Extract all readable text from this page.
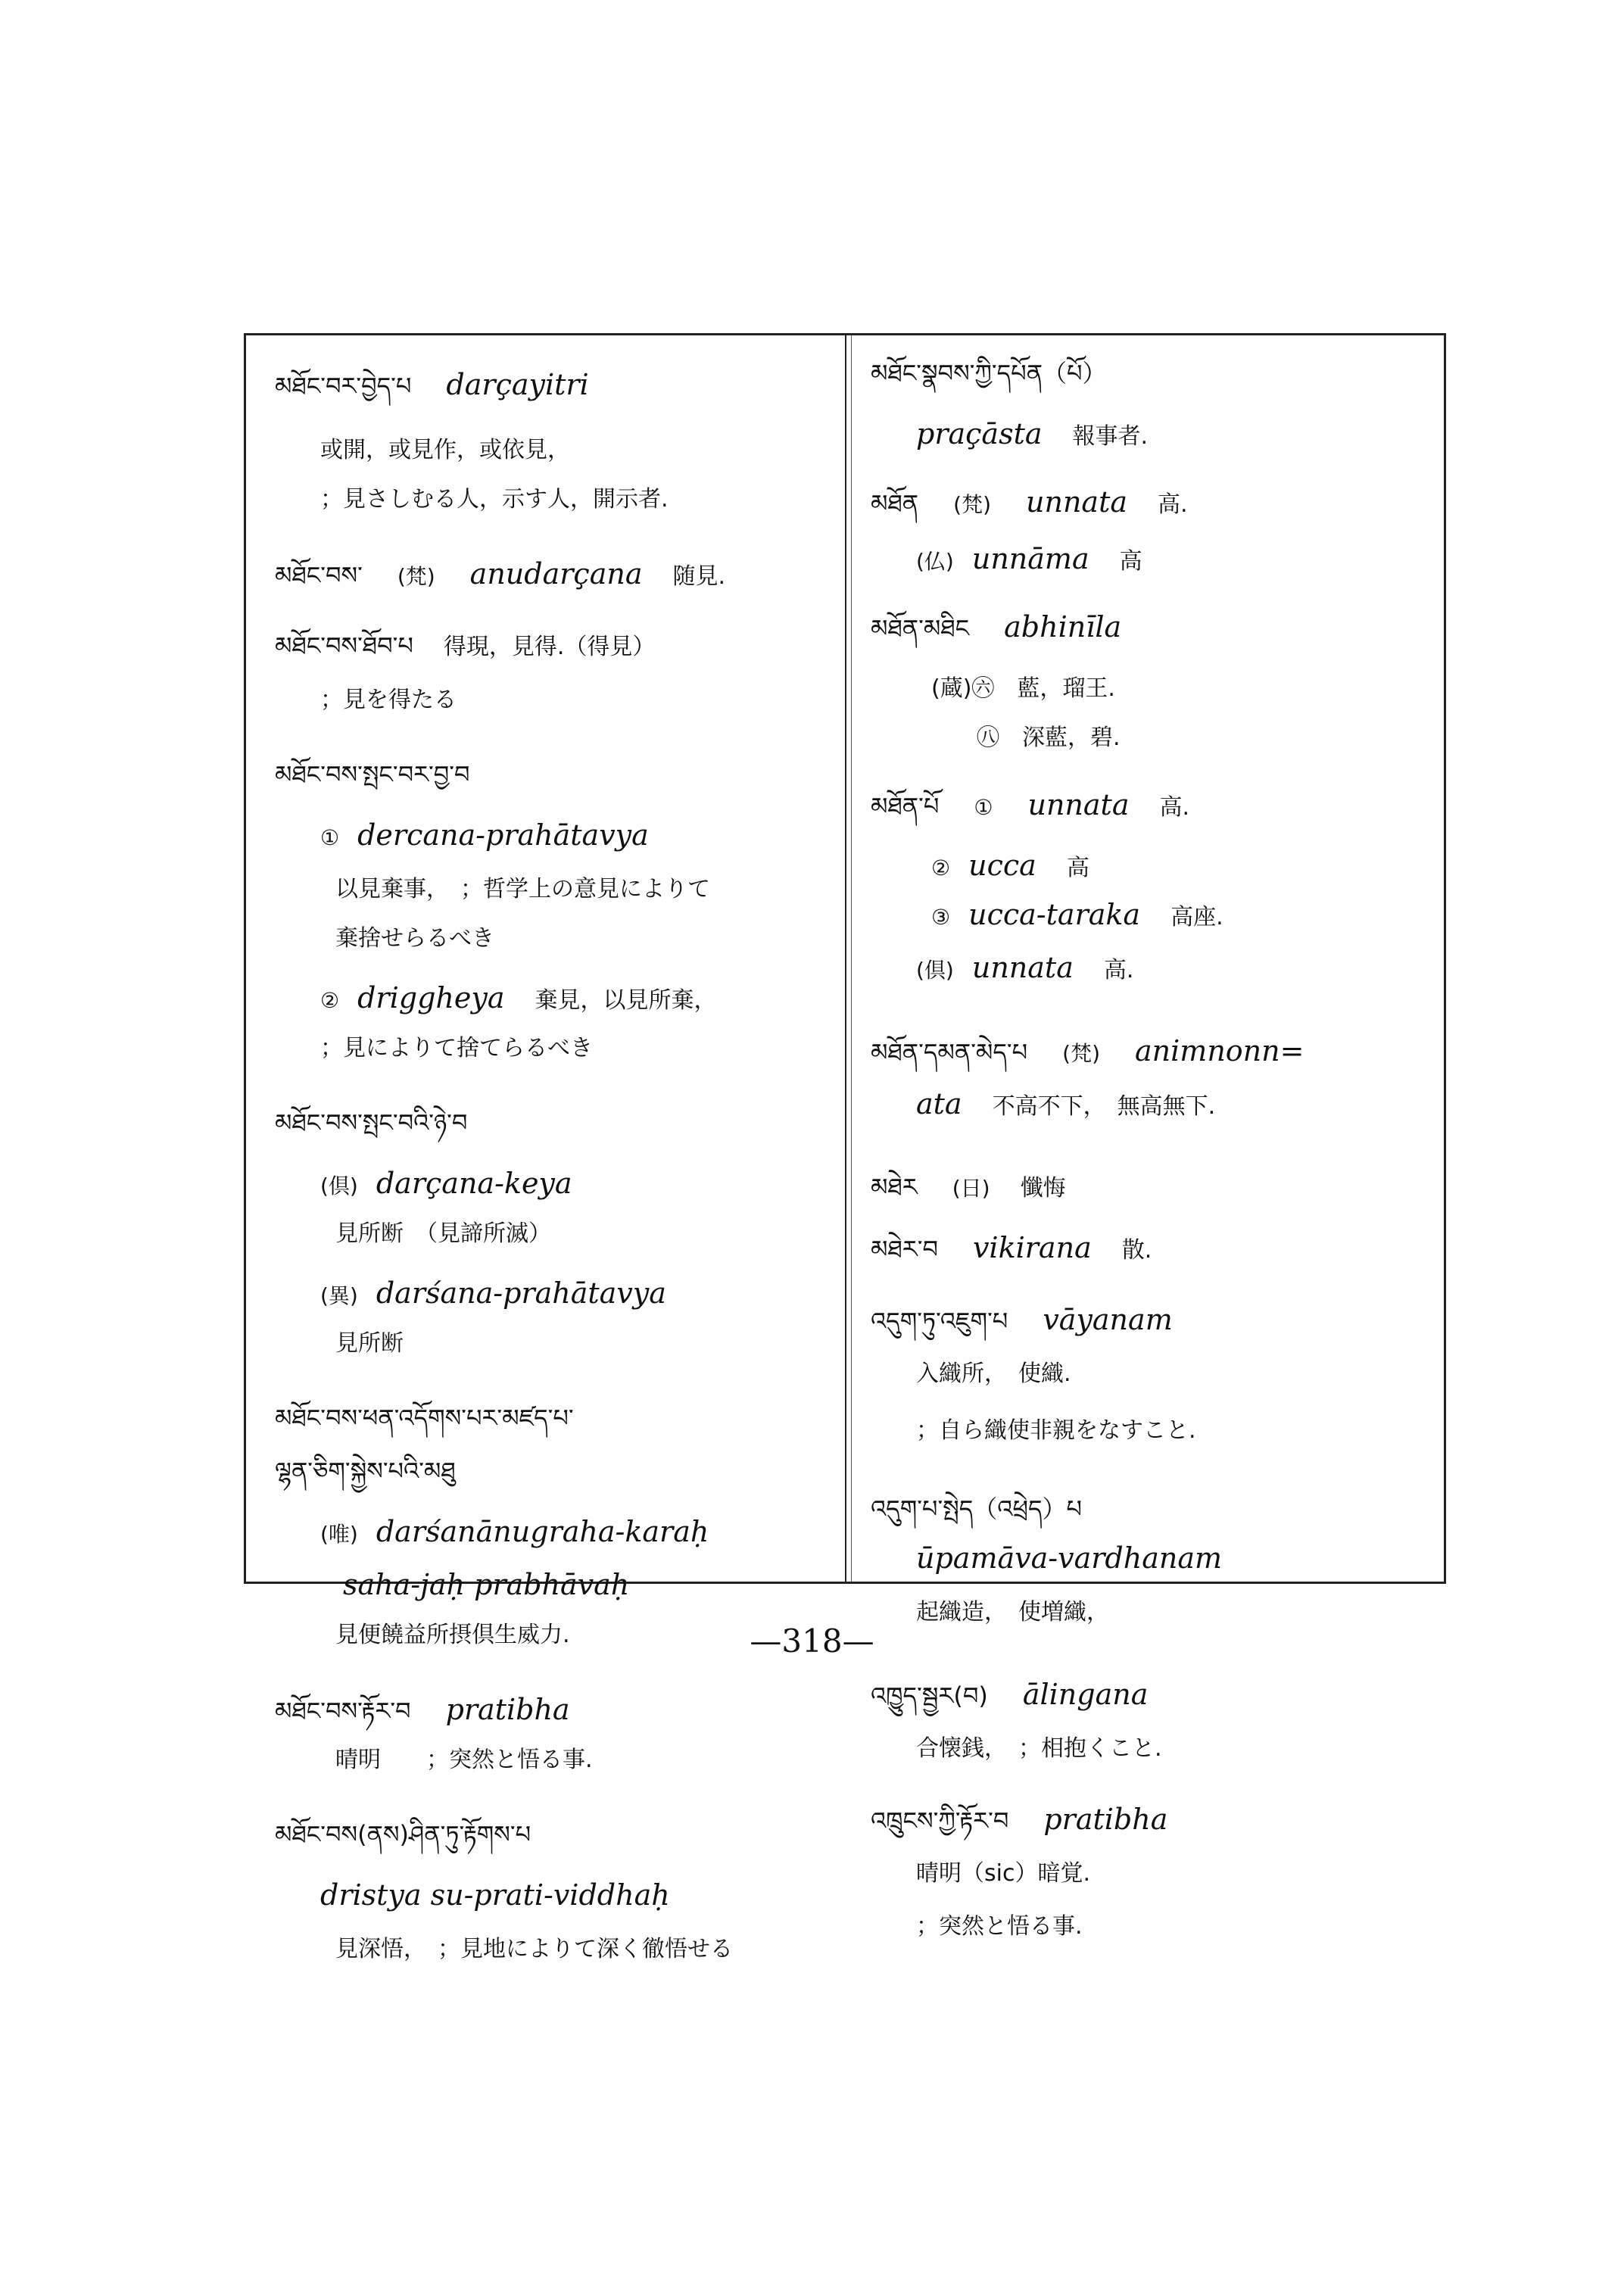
མཐོང་བར་བྱེད་པ darçayitri
或開，或見作，或依見，
；見さしむる人，示す人，開示者.
མཐོང་བས་ (梵) anudarçana 随見.
མཐོང་བས་ཐོབ་པ 得現，見得.（得見）
；見を得たる
མཐོང་བས་སྤང་བར་བྱ་བ
① dercana-prahātavya
以見棄事，　；哲学上の意見によりて
棄捨せらるべき
② driggheya 棄見，以見所棄，
；見によりて捨てらるべき
མཐོང་བས་སྤང་བའི་ཉེ་བ
(倶) darçana-keya
見所断　（見諦所滅）
(異) darśana-prahātavya
見所断
མཐོང་བས་ཕན་འདོགས་པར་མཛད་པ་
ལྷན་ཅིག་སྐྱེས་པའི་མཐུ
(唯) darśanānugraha-karaḥ
saha-jaḥ prabhāvaḥ
見便饒益所摂倶生威力.
མཐོང་བས་རྟོར་བ pratibha
晴明　　；突然と悟る事.
མཐོང་བས(ནས)ཤིན་ཏུ་རྟོགས་པ
dristya su-prati-viddhaḥ
見深悟，　；見地によりて深く徹悟せる
མཐོང་སྣབས་ཀྱི་དཔོན（པོ）
praçāsta 報事者.
མཐོན (梵) unnata 高.
(仏) unnāma 高
མཐོན་མཐིང abhinīla
(蔵)㊅　藍，瑠王.
㊇　深藍，碧.
མཐོན་པོ ① unnata 高.
② ucca 高
③ ucca-taraka 高座.
(倶) unnata 高.
མཐོན་དམན་མེད་པ (梵) animnonn=
ata 不高不下，　無高無下.
མཐེར (日) 懺悔
མཐེར་བ vikirana 散.
འདུག་ཏུ་འཇུག་པ vāyanam
入織所，　使織.
；自ら織使非親をなすこと.
འདུག་པ་སྤེད（འཕྲེད）པ
ūpamāva-vardhanam
起織造，　使増織，
འཁྱུད་སྦྱར(བ) ālingana
合懐銭，　；相抱くこと.
འཁྲུངས་ཀྱི་རྟོར་བ pratibha
晴明（sic）暗覚.
；突然と悟る事.
—318—
